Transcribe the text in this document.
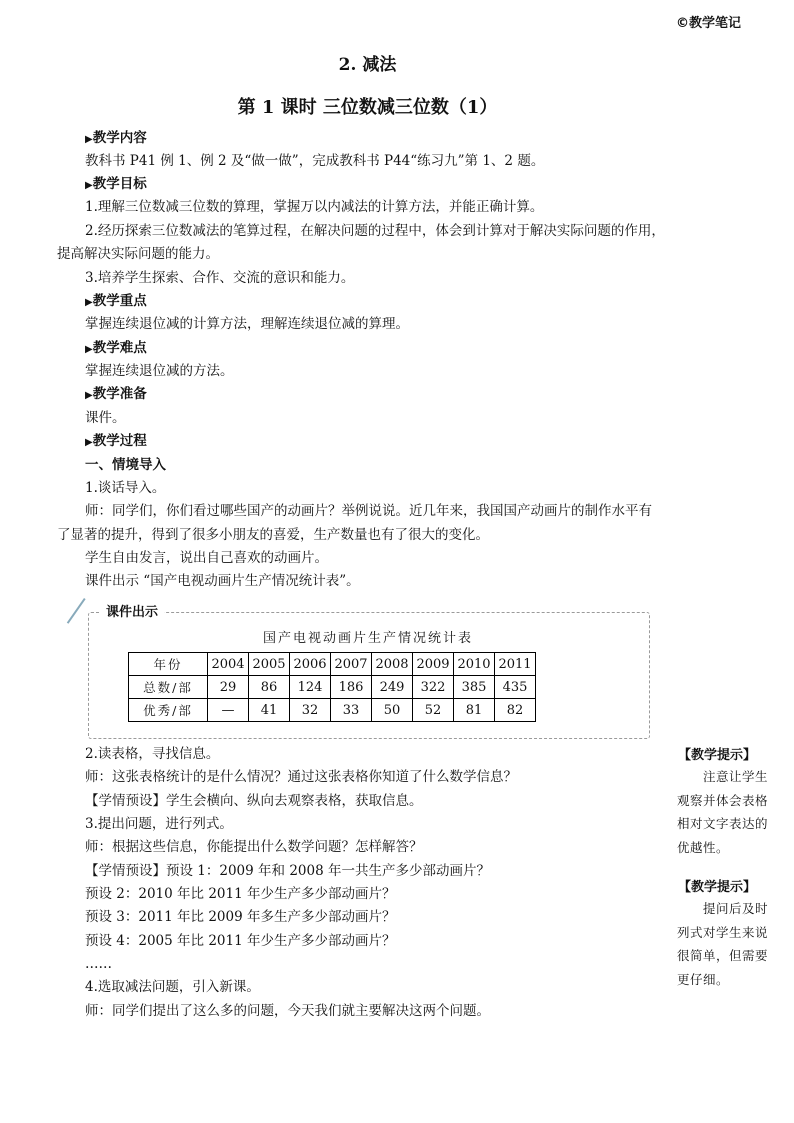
©教学笔记
2. 减法
第 1 课时 三位数减三位数（1）
▶教学内容
教科书 P41 例 1、例 2 及“做一做”，完成教科书 P44“练习九”第 1、2 题。
▶教学目标
1.理解三位数减三位数的算理，掌握万以内减法的计算方法，并能正确计算。
2.经历探索三位数减法的笔算过程，在解决问题的过程中，体会到计算对于解决实际问题的作用，
提高解决实际问题的能力。
3.培养学生探索、合作、交流的意识和能力。
▶教学重点
掌握连续退位减的计算方法，理解连续退位减的算理。
▶教学难点
掌握连续退位减的方法。
▶教学准备
课件。
▶教学过程
一、情境导入
1.谈话导入。
师：同学们，你们看过哪些国产的动画片？举例说说。近几年来，我国国产动画片的制作水平有
了显著的提升，得到了很多小朋友的喜爱，生产数量也有了很大的变化。
学生自由发言，说出自己喜欢的动画片。
课件出示 “国产电视动画片生产情况统计表”。
课件出示
国产电视动画片生产情况统计表
年份	2004	2005	2006	2007	2008	2009	2010	2011
总数/部	29	86	124	186	249	322	385	435
优秀/部	—	41	32	33	50	52	81	82
2.读表格，寻找信息。
师：这张表格统计的是什么情况？通过这张表格你知道了什么数学信息？
【学情预设】学生会横向、纵向去观察表格，获取信息。
3.提出问题，进行列式。
师：根据这些信息，你能提出什么数学问题？怎样解答？
【学情预设】预设 1：2009 年和 2008 年一共生产多少部动画片？
预设 2：2010 年比 2011 年少生产多少部动画片？
预设 3：2011 年比 2009 年多生产多少部动画片？
预设 4：2005 年比 2011 年少生产多少部动画片？
……
4.选取减法问题，引入新课。
师：同学们提出了这么多的问题，今天我们就主要解决这两个问题。
【教学提示】
　　注意让学生观察并体会表格相对文字表达的优越性。
【教学提示】
　　提问后及时列式对学生来说很简单，但需要更仔细。
